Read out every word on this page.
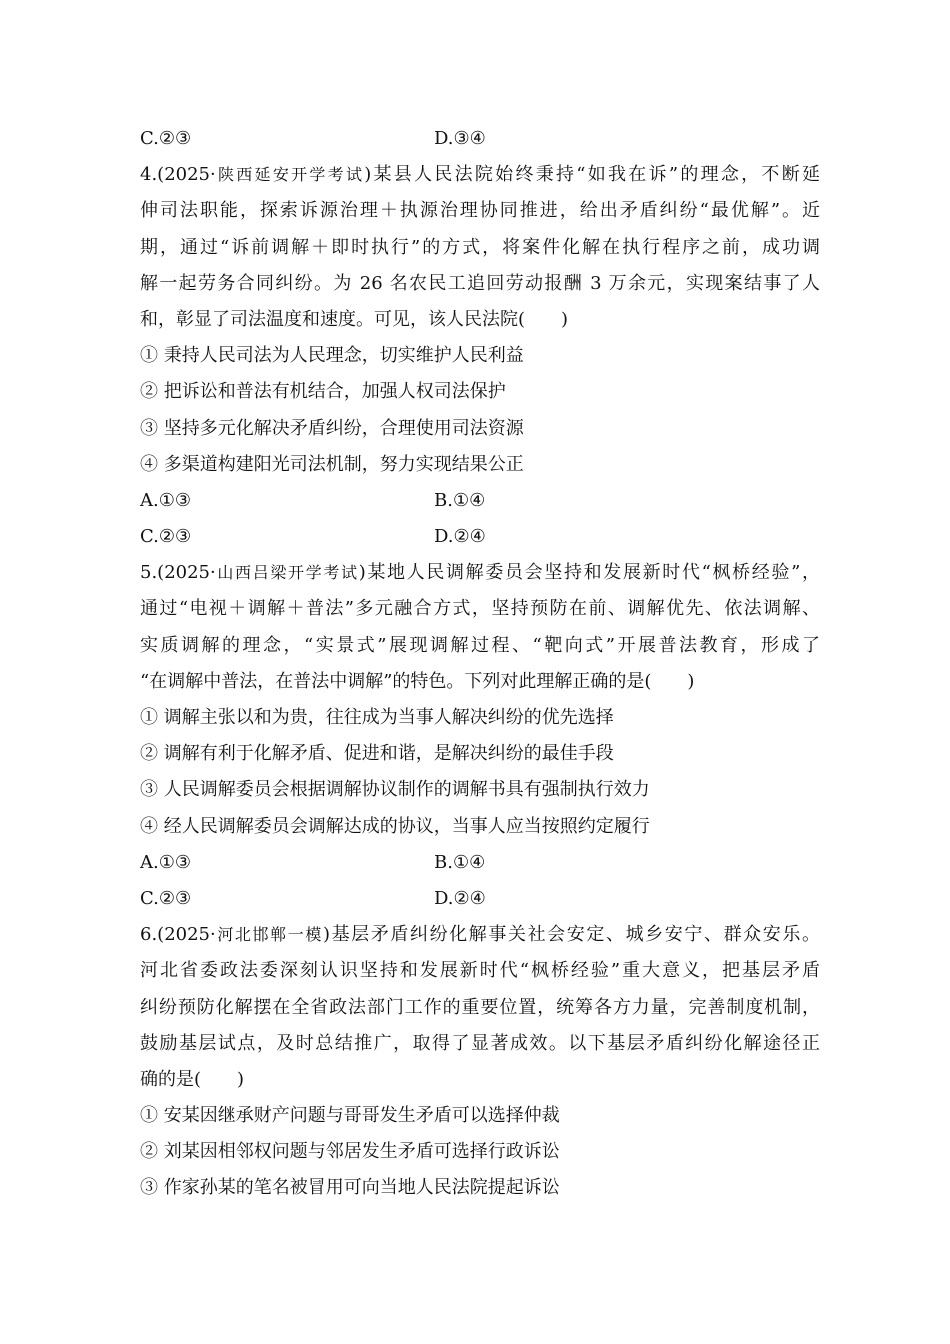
C.②③	D.③④
4.(2025·陕西延安开学考试)某县人民法院始终秉持“如我在诉”的理念，不断延
伸司法职能，探索诉源治理＋执源治理协同推进，给出矛盾纠纷“最优解”。近
期，通过“诉前调解＋即时执行”的方式，将案件化解在执行程序之前，成功调
解一起劳务合同纠纷。为 26 名农民工追回劳动报酬 3 万余元，实现案结事了人
和，彰显了司法温度和速度。可见，该人民法院(　　)
① 秉持人民司法为人民理念，切实维护人民利益
② 把诉讼和普法有机结合，加强人权司法保护
③ 坚持多元化解决矛盾纠纷，合理使用司法资源
④ 多渠道构建阳光司法机制，努力实现结果公正
A.①③	B.①④
C.②③	D.②④
5.(2025·山西吕梁开学考试)某地人民调解委员会坚持和发展新时代“枫桥经验”，
通过“电视＋调解＋普法”多元融合方式，坚持预防在前、调解优先、依法调解、
实质调解的理念，“实景式”展现调解过程、“靶向式”开展普法教育，形成了
“在调解中普法，在普法中调解”的特色。下列对此理解正确的是(　　)
① 调解主张以和为贵，往往成为当事人解决纠纷的优先选择
② 调解有利于化解矛盾、促进和谐，是解决纠纷的最佳手段
③ 人民调解委员会根据调解协议制作的调解书具有强制执行效力
④ 经人民调解委员会调解达成的协议，当事人应当按照约定履行
A.①③	B.①④
C.②③	D.②④
6.(2025·河北邯郸一模)基层矛盾纠纷化解事关社会安定、城乡安宁、群众安乐。
河北省委政法委深刻认识坚持和发展新时代“枫桥经验”重大意义，把基层矛盾
纠纷预防化解摆在全省政法部门工作的重要位置，统筹各方力量，完善制度机制，
鼓励基层试点，及时总结推广，取得了显著成效。以下基层矛盾纠纷化解途径正
确的是(　　)
① 安某因继承财产问题与哥哥发生矛盾可以选择仲裁
② 刘某因相邻权问题与邻居发生矛盾可选择行政诉讼
③ 作家孙某的笔名被冒用可向当地人民法院提起诉讼
